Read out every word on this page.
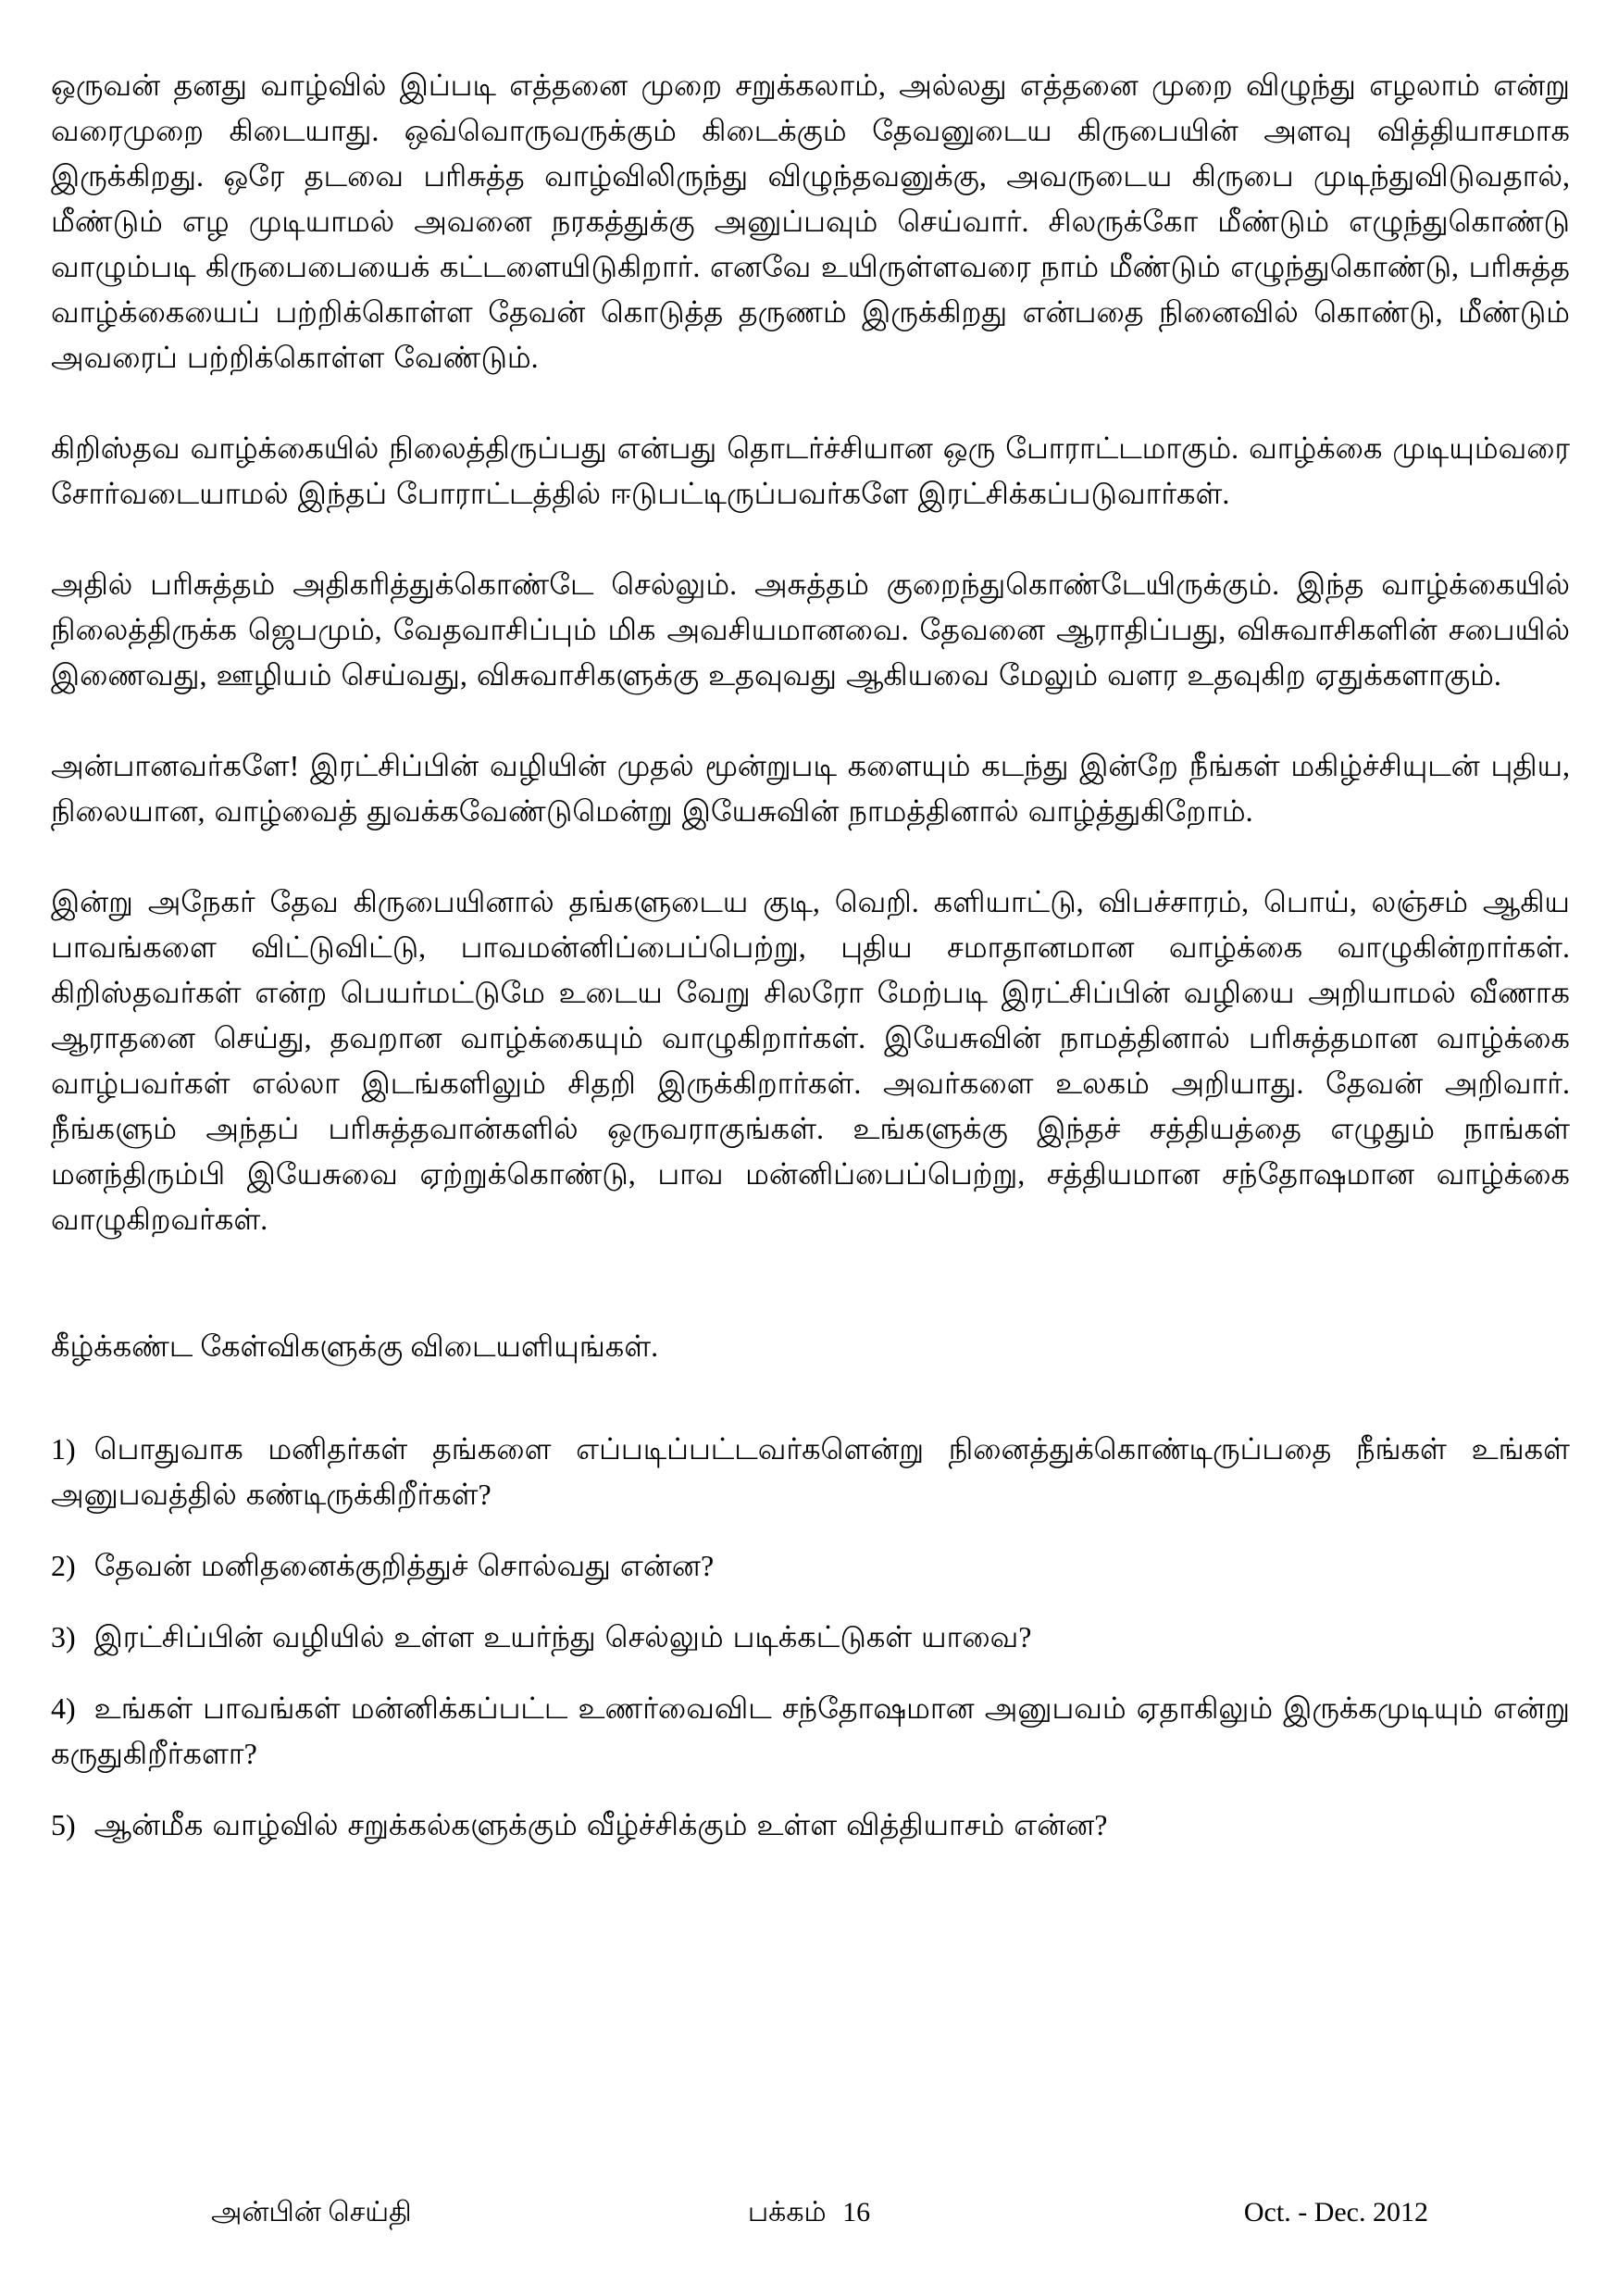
ஒருவன் தனது வாழ்வில் இப்படி எத்தனை முறை சறுக்கலாம், அல்லது எத்தனை முறை விழுந்து எழலாம் என்று வரைமுறை கிடையாது. ஒவ்வொருவருக்கும் கிடைக்கும் தேவனுடைய கிருபையின் அளவு வித்தியாசமாக இருக்கிறது. ஒரே தடவை பரிசுத்த வாழ்விலிருந்து விழுந்தவனுக்கு, அவருடைய கிருபை முடிந்துவிடுவதால், மீண்டும் எழ முடியாமல் அவனை நரகத்துக்கு அனுப்பவும் செய்வார். சிலருக்கோ மீண்டும் எழுந்துகொண்டு வாழும்படி கிருபைபையைக் கட்டளையிடுகிறார். எனவே உயிருள்ளவரை நாம் மீண்டும் எழுந்துகொண்டு, பரிசுத்த வாழ்க்கையைப் பற்றிக்கொள்ள தேவன் கொடுத்த தருணம் இருக்கிறது என்பதை நினைவில் கொண்டு, மீண்டும் அவரைப் பற்றிக்கொள்ள வேண்டும்.

கிறிஸ்தவ வாழ்க்கையில் நிலைத்திருப்பது என்பது தொடர்ச்சியான ஒரு போராட்டமாகும். வாழ்க்கை முடியும்வரை சோர்வடையாமல் இந்தப் போராட்டத்தில் ஈடுபட்டிருப்பவர்களே இரட்சிக்கப்படுவார்கள்.

அதில் பரிசுத்தம் அதிகரித்துக்கொண்டே செல்லும். அசுத்தம் குறைந்துகொண்டேயிருக்கும். இந்த வாழ்க்கையில் நிலைத்திருக்க ஜெபமும், வேதவாசிப்பும் மிக அவசியமானவை. தேவனை ஆராதிப்பது, விசுவாசிகளின் சபையில் இணைவது, ஊழியம் செய்வது, விசுவாசிகளுக்கு உதவுவது ஆகியவை மேலும் வளர உதவுகிற ஏதுக்களாகும்.

அன்பானவர்களே! இரட்சிப்பின் வழியின் முதல் மூன்றுபடி களையும் கடந்து இன்றே நீங்கள் மகிழ்ச்சியுடன் புதிய, நிலையான, வாழ்வைத் துவக்கவேண்டுமென்று இயேசுவின் நாமத்தினால் வாழ்த்துகிறோம்.

இன்று அநேகர் தேவ கிருபையினால் தங்களுடைய குடி, வெறி. களியாட்டு, விபச்சாரம், பொய், லஞ்சம் ஆகிய பாவங்களை விட்டுவிட்டு, பாவமன்னிப்பைப்பெற்று, புதிய சமாதானமான வாழ்க்கை வாழுகின்றார்கள். கிறிஸ்தவர்கள் என்ற பெயர்மட்டுமே உடைய வேறு சிலரோ மேற்படி இரட்சிப்பின் வழியை அறியாமல் வீணாக ஆராதனை செய்து, தவறான வாழ்க்கையும் வாழுகிறார்கள். இயேசுவின் நாமத்தினால் பரிசுத்தமான வாழ்க்கை வாழ்பவர்கள் எல்லா இடங்களிலும் சிதறி இருக்கிறார்கள். அவர்களை உலகம் அறியாது. தேவன் அறிவார். நீங்களும் அந்தப் பரிசுத்தவான்களில் ஒருவராகுங்கள். உங்களுக்கு இந்தச் சத்தியத்தை எழுதும் நாங்கள் மனந்திரும்பி இயேசுவை ஏற்றுக்கொண்டு, பாவ மன்னிப்பைப்பெற்று, சத்தியமான சந்தோஷமான வாழ்க்கை வாழுகிறவர்கள்.

கீழ்க்கண்ட கேள்விகளுக்கு விடையளியுங்கள்.

1) பொதுவாக மனிதர்கள் தங்களை எப்படிப்பட்டவர்களென்று நினைத்துக்கொண்டிருப்பதை நீங்கள் உங்கள் அனுபவத்தில் கண்டிருக்கிறீர்கள்?
2) தேவன் மனிதனைக்குறித்துச் சொல்வது என்ன?
3) இரட்சிப்பின் வழியில் உள்ள உயர்ந்து செல்லும் படிக்கட்டுகள் யாவை?
4) உங்கள் பாவங்கள் மன்னிக்கப்பட்ட உணர்வைவிட சந்தோஷமான அனுபவம் ஏதாகிலும் இருக்கமுடியும் என்று கருதுகிறீர்களா?
5) ஆன்மீக வாழ்வில் சறுக்கல்களுக்கும் வீழ்ச்சிக்கும் உள்ள வித்தியாசம் என்ன?
அன்பின் செய்தி	பக்கம் 16	Oct. - Dec. 2012
